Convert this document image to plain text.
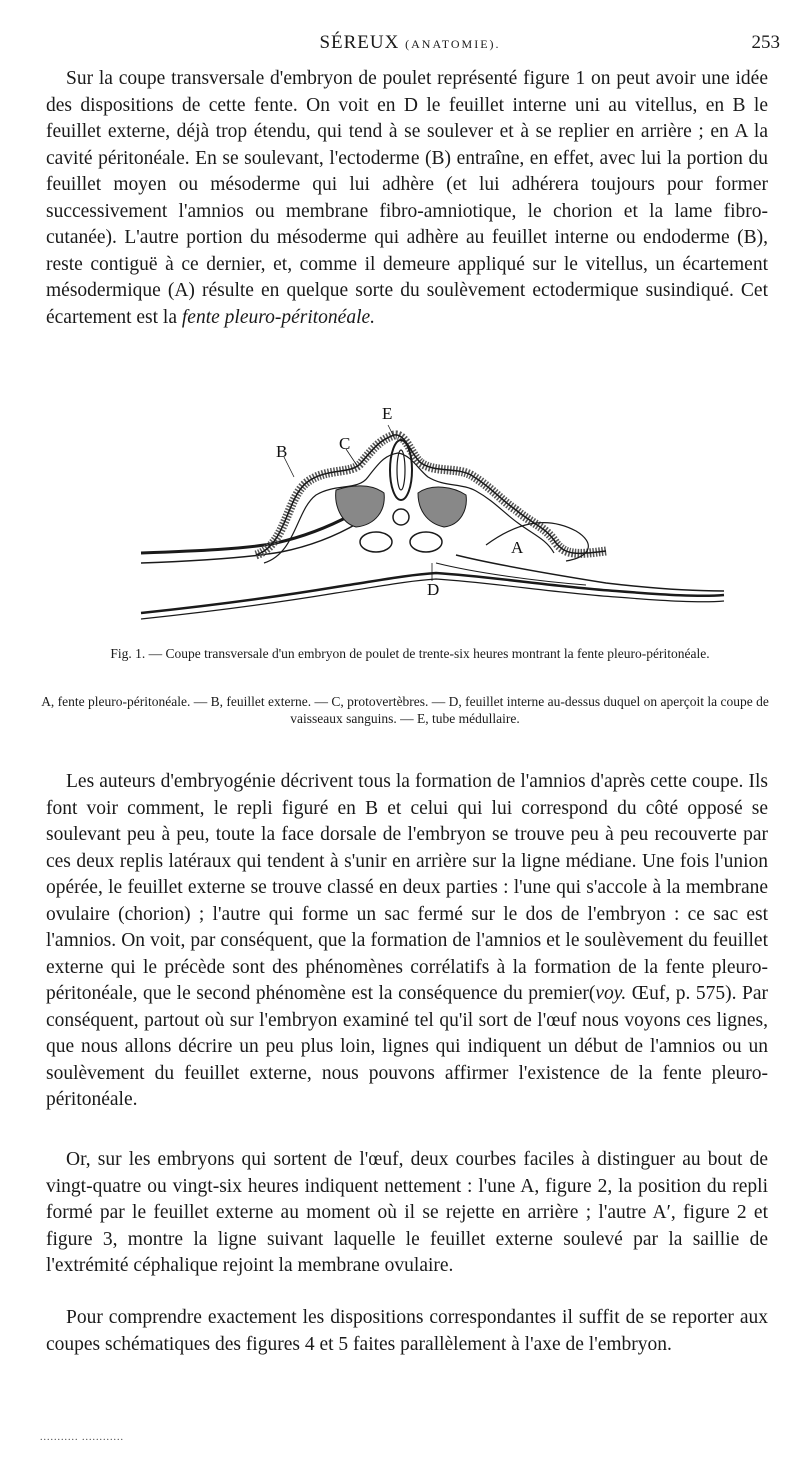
SÉREUX (ANATOMIE).	253

Sur la coupe transversale d'embryon de poulet représenté figure 1 on peut avoir une idée des dispositions de cette fente. On voit en D le feuillet interne uni au vitellus, en B le feuillet externe, déjà trop étendu, qui tend à se soulever et à se replier en arrière ; en A la cavité péritonéale. En se soulevant, l'ectoderme (B) entraîne, en effet, avec lui la portion du feuillet moyen ou mésoderme qui lui adhère (et lui adhérera toujours pour former successivement l'amnios ou membrane fibro-amniotique, le chorion et la lame fibro-cutanée). L'autre portion du mésoderme qui adhère au feuillet interne ou endoderme (B), reste contiguë à ce dernier, et, comme il demeure appliqué sur le vitellus, un écartement mésodermique (A) résulte en quelque sorte du soulèvement ectodermique susindiqué. Cet écartement est la fente pleuro-péritonéale.

E
C
B
A
D

Fig. 1. — Coupe transversale d'un embryon de poulet de trente-six heures montrant la fente pleuro-péritonéale.

A, fente pleuro-péritonéale. — B, feuillet externe. — C, protovertèbres. — D, feuillet interne au-dessus duquel on aperçoit la coupe de vaisseaux sanguins. — E, tube médullaire.

Les auteurs d'embryogénie décrivent tous la formation de l'amnios d'après cette coupe. Ils font voir comment, le repli figuré en B et celui qui lui correspond du côté opposé se soulevant peu à peu, toute la face dorsale de l'embryon se trouve peu à peu recouverte par ces deux replis latéraux qui tendent à s'unir en arrière sur la ligne médiane. Une fois l'union opérée, le feuillet externe se trouve classé en deux parties : l'une qui s'accole à la membrane ovulaire (chorion) ; l'autre qui forme un sac fermé sur le dos de l'embryon : ce sac est l'amnios. On voit, par conséquent, que la formation de l'amnios et le soulèvement du feuillet externe qui le précède sont des phénomènes corrélatifs à la formation de la fente pleuro-péritonéale, que le second phénomène est la conséquence du premier(voy. Œuf, p. 575). Par conséquent, partout où sur l'embryon examiné tel qu'il sort de l'œuf nous voyons ces lignes, que nous allons décrire un peu plus loin, lignes qui indiquent un début de l'amnios ou un soulèvement du feuillet externe, nous pouvons affirmer l'existence de la fente pleuro-péritonéale.

Or, sur les embryons qui sortent de l'œuf, deux courbes faciles à distinguer au bout de vingt-quatre ou vingt-six heures indiquent nettement : l'une A, figure 2, la position du repli formé par le feuillet externe au moment où il se rejette en arrière ; l'autre A′, figure 2 et figure 3, montre la ligne suivant laquelle le feuillet externe soulevé par la saillie de l'extrémité céphalique rejoint la membrane ovulaire.

Pour comprendre exactement les dispositions correspondantes il suffit de se reporter aux coupes schématiques des figures 4 et 5 faites parallèlement à l'axe de l'embryon.

........... ............
